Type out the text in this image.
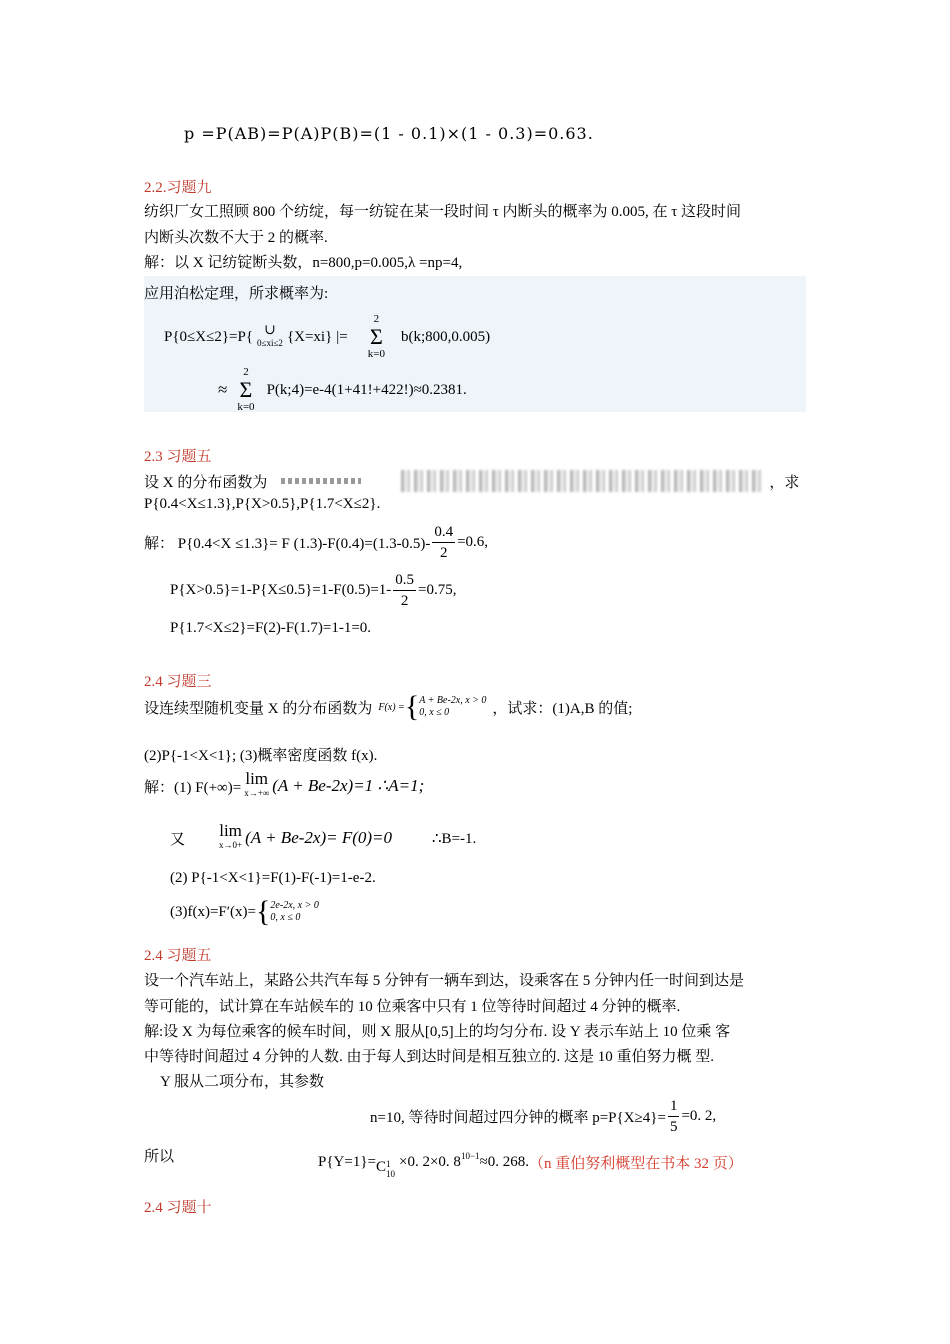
p =P(AB)=P(A)P(B)=(1 - 0.1)×(1 - 0.3)=0.63.
2.2.习题九
纺织厂女工照顾 800 个纺绽，每一纺锭在某一段时间 τ 内断头的概率为 0.005, 在 τ 这段时间
内断头次数不大于 2 的概率.
解：以 X 记纺锭断头数，n=800,p=0.005,λ =np=4,
应用泊松定理，所求概率为:
P{0≤X≤2}=P{ ∪
0≤xi≤2 {X=xi} |=
2
Σ
k=0
b(k;800,0.005)
≈
2
Σ
k=0
P(k;4)=e-4(1+41!+422!)≈0.2381.
2.3 习题五
设 X 的分布函数为	，求
P{0.4<X≤1.3},P{X>0.5},P{1.7<X≤2}.
解： P{0.4<X ≤1.3}= F $(1.3)-F(0.4)=(1.3-0.5)- \frac{0.4}{2} =0.6$,
$P\{X>0.5\}=1-P\{X\le 0.5\}=1-F(0.5)=1- \frac{0.5}{2} =0.75$,
P{1.7<X≤2}=F(2)-F(1.7)=1-1=0.
2.4 习题三
设连续型随机变量 X 的分布函数为 F(x) = { A + Be-2x, x > 0
0, x ≤ 0	，试求：(1)A,B 的值;
(2)P{-1<X<1}; (3)概率密度函数 f(x).
解：(1) F(+∞)= lim
x→+∞ (A + Be-2x)=1 ∴A=1;
又 lim
x→0+ (A + Be-2x)= F(0)=0	∴B=-1.
(2) P{-1<X<1}=F(1)-F(-1)=1-e-2.
(3)f(x)=F′(x)= { 2e-2x, x > 0
0, x ≤ 0
2.4 习题五
设一个汽车站上，某路公共汽车每 5 分钟有一辆车到达，设乘客在 5 分钟内任一时间到达是
等可能的，试计算在车站候车的 10 位乘客中只有 1 位等待时间超过 4 分钟的概率.
解:设 X 为每位乘客的候车时间，则 X 服从[0,5]上的均匀分布. 设 Y 表示车站上 10 位乘 客
中等待时间超过 4 分钟的人数. 由于每人到达时间是相互独立的. 这是 10 重伯努力概 型.
Y 服从二项分布，其参数
n=10, 等待时间超过四分钟的概率 $p=P\{X\ge 4\}= \frac{1}{5} =0$. 2,
所以	P{Y=1}= C 1
10
×0. 2×0. 8 10−1 ≈0. 268. （n 重伯努利概型在书本 32 页）
2.4 习题十
